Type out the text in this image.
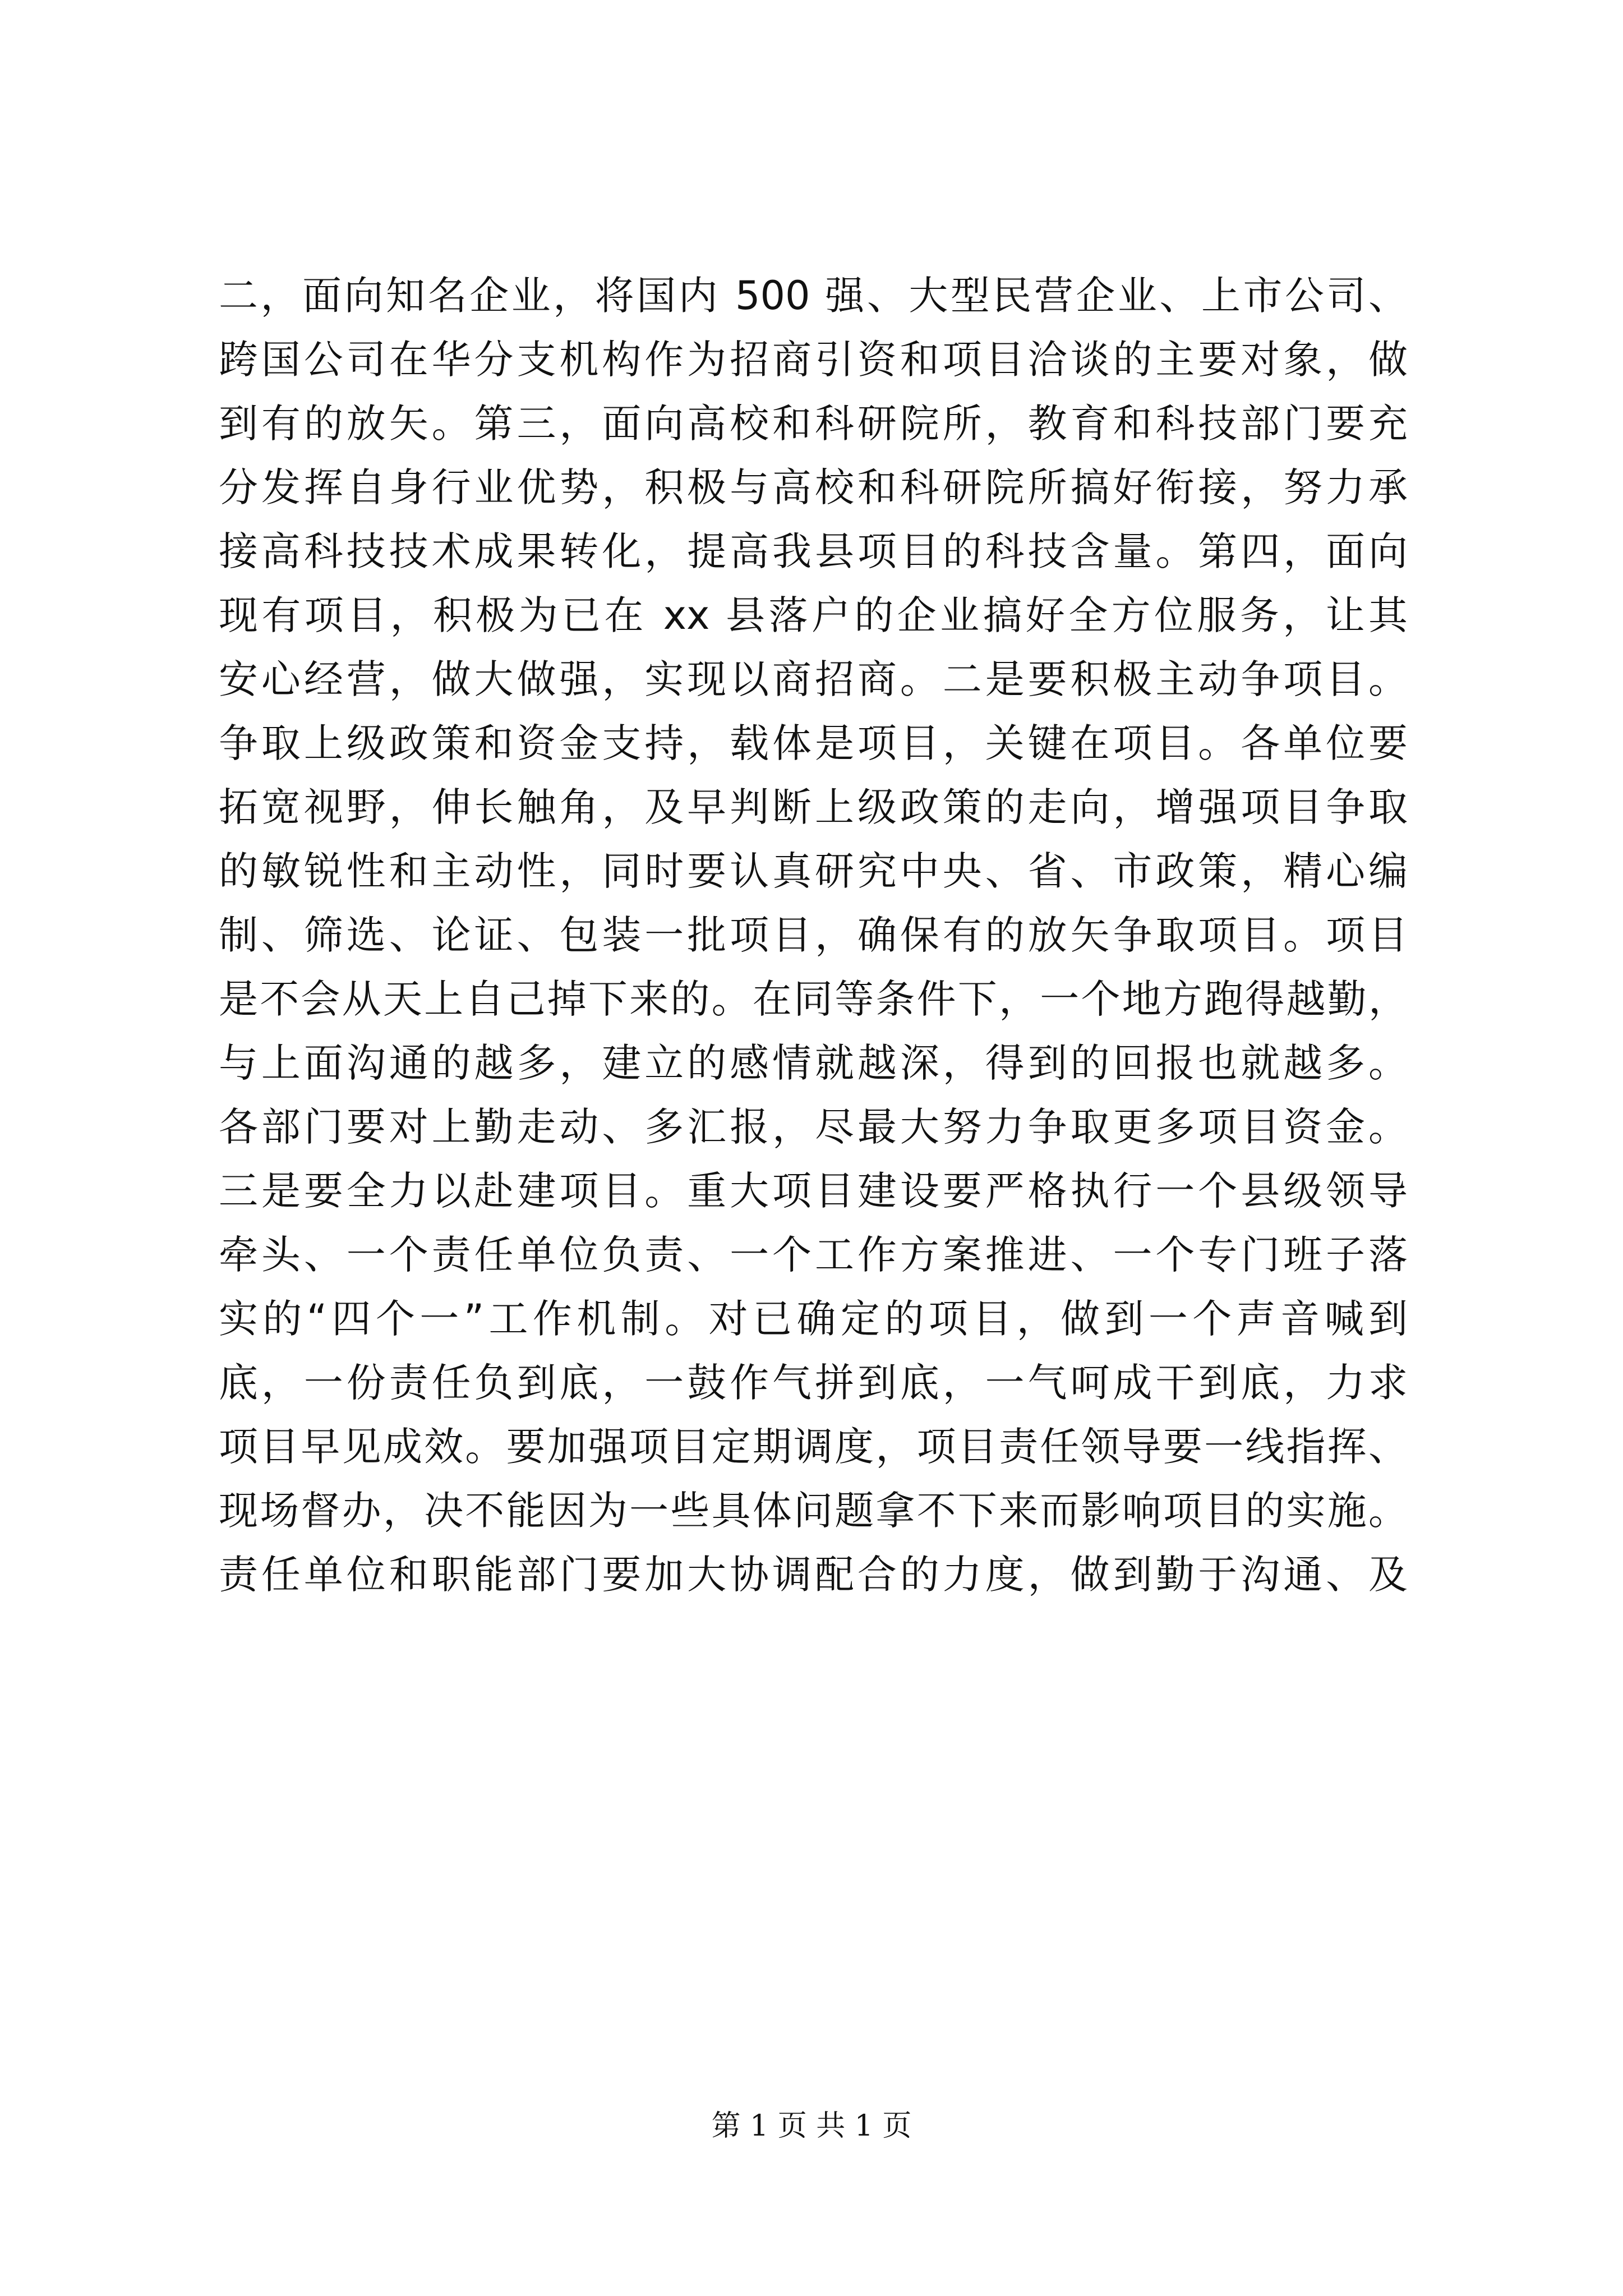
二，面向知名企业，将国内 500 强、大型民营企业、上市公司、
跨国公司在华分支机构作为招商引资和项目洽谈的主要对象，做
到有的放矢。第三，面向高校和科研院所，教育和科技部门要充
分发挥自身行业优势，积极与高校和科研院所搞好衔接，努力承
接高科技技术成果转化，提高我县项目的科技含量。第四，面向
现有项目，积极为已在 xx 县落户的企业搞好全方位服务，让其
安心经营，做大做强，实现以商招商。二是要积极主动争项目。
争取上级政策和资金支持，载体是项目，关键在项目。各单位要
拓宽视野，伸长触角，及早判断上级政策的走向，增强项目争取
的敏锐性和主动性，同时要认真研究中央、省、市政策，精心编
制、筛选、论证、包装一批项目，确保有的放矢争取项目。项目
是不会从天上自己掉下来的。在同等条件下，一个地方跑得越勤，
与上面沟通的越多，建立的感情就越深，得到的回报也就越多。
各部门要对上勤走动、多汇报，尽最大努力争取更多项目资金。
三是要全力以赴建项目。重大项目建设要严格执行一个县级领导
牵头、一个责任单位负责、一个工作方案推进、一个专门班子落
实的“四个一”工作机制。对已确定的项目，做到一个声音喊到
底，一份责任负到底，一鼓作气拼到底，一气呵成干到底，力求
项目早见成效。要加强项目定期调度，项目责任领导要一线指挥、
现场督办，决不能因为一些具体问题拿不下来而影响项目的实施。
责任单位和职能部门要加大协调配合的力度，做到勤于沟通、及
第 1 页 共 1 页
